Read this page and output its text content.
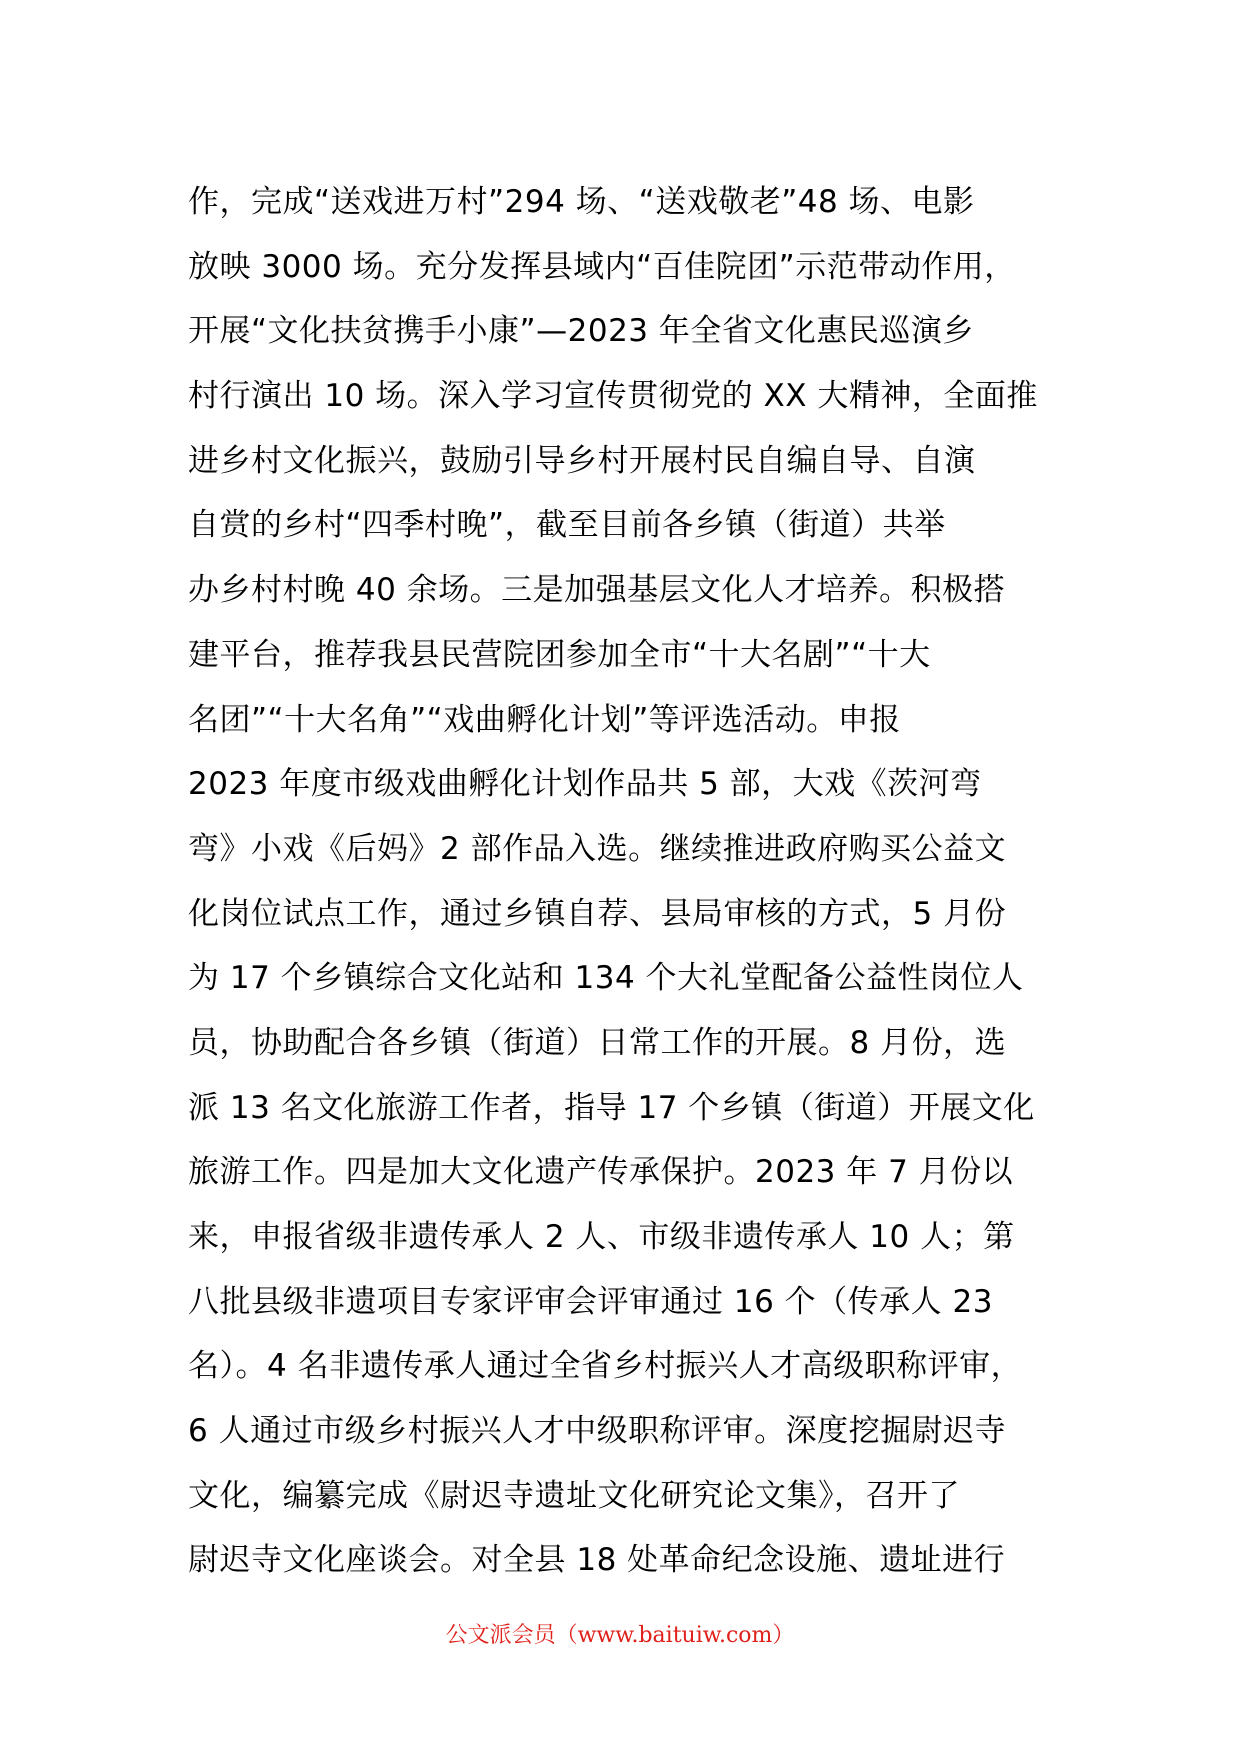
作，完成“送戏进万村”294 场、“送戏敬老”48 场、电影
放映 3000 场。充分发挥县域内“百佳院团”示范带动作用，
开展“文化扶贫携手小康”—2023 年全省文化惠民巡演乡
村行演出 10 场。深入学习宣传贯彻党的 XX 大精神，全面推
进乡村文化振兴，鼓励引导乡村开展村民自编自导、自演
自赏的乡村“四季村晚”，截至目前各乡镇（街道）共举
办乡村村晚 40 余场。三是加强基层文化人才培养。积极搭
建平台，推荐我县民营院团参加全市“十大名剧”“十大
名团”“十大名角”“戏曲孵化计划”等评选活动。申报
2023 年度市级戏曲孵化计划作品共 5 部，大戏《茨河弯
弯》小戏《后妈》2 部作品入选。继续推进政府购买公益文
化岗位试点工作，通过乡镇自荐、县局审核的方式，5 月份
为 17 个乡镇综合文化站和 134 个大礼堂配备公益性岗位人
员，协助配合各乡镇（街道）日常工作的开展。8 月份，选
派 13 名文化旅游工作者，指导 17 个乡镇（街道）开展文化
旅游工作。四是加大文化遗产传承保护。2023 年 7 月份以
来，申报省级非遗传承人 2 人、市级非遗传承人 10 人；第
八批县级非遗项目专家评审会评审通过 16 个（传承人 23
名）。4 名非遗传承人通过全省乡村振兴人才高级职称评审，
6 人通过市级乡村振兴人才中级职称评审。深度挖掘尉迟寺
文化，编纂完成《尉迟寺遗址文化研究论文集》，召开了
尉迟寺文化座谈会。对全县 18 处革命纪念设施、遗址进行
公文派会员（www.baituiw.com）
